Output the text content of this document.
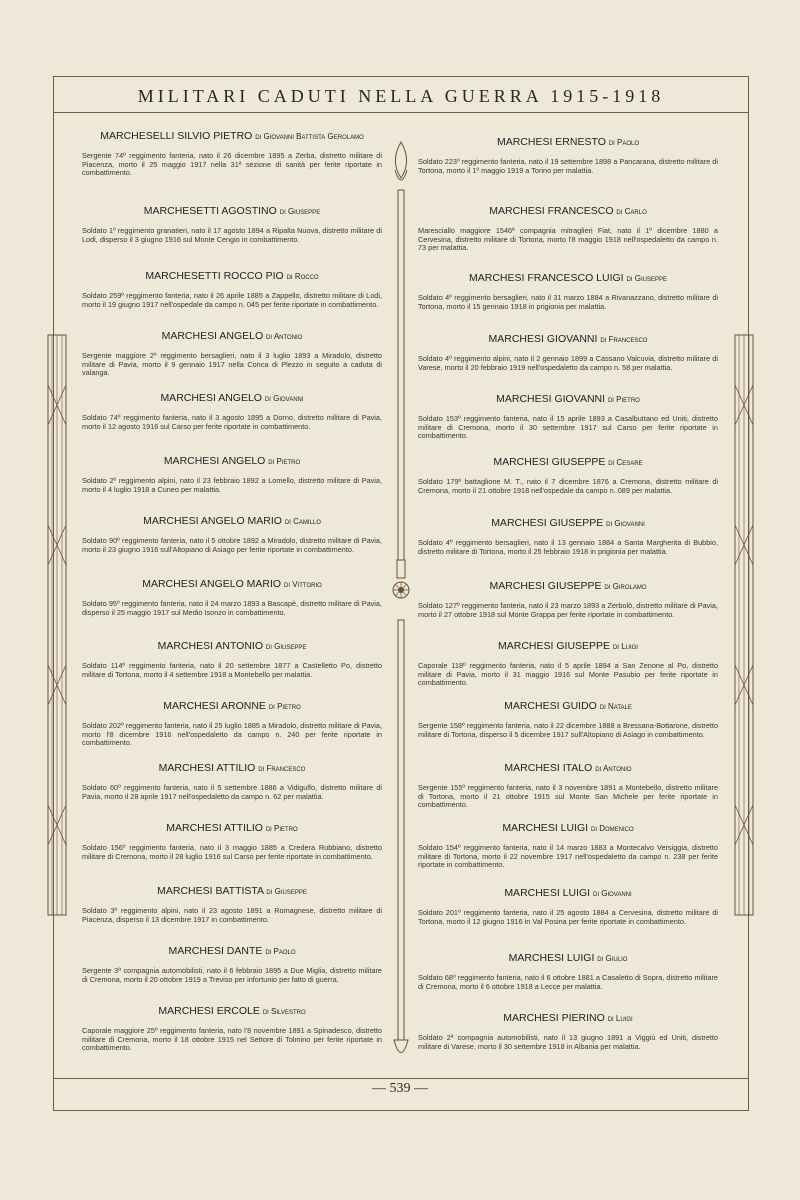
MILITARI CADUTI NELLA GUERRA 1915-1918
MARCHESELLI SILVIO PIETRO di Giovanni Battista Gerolamo
Sergente 74º reggimento fanteria, nato il 26 dicembre 1895 a Zerba, distretto militare di Piacenza, morto il 25 maggio 1917 nella 31ª sezione di sanità per ferite riportate in combattimento.
MARCHESETTI AGOSTINO di Giuseppe
Soldato 1º reggimento granatieri, nato il 17 agosto 1894 a Ripalta Nuova, distretto militare di Lodi, disperso il 3 giugno 1916 sul Monte Cengio in combattimento.
MARCHESETTI ROCCO PIO di Rocco
Soldato 259º reggimento fanteria, nato il 26 aprile 1885 a Zappello, distretto militare di Lodi, morto il 19 giugno 1917 nell'ospedale da campo n. 045 per ferite riportate in combattimento.
MARCHESI ANGELO di Antonio
Sergente maggiore 2º reggimento bersaglieri, nato il 3 luglio 1893 a Miradolo, distretto militare di Pavia, morto il 9 gennaio 1917 nella Conca di Plezzo in seguito a caduta di valanga.
MARCHESI ANGELO di Giovanni
Soldato 74º reggimento fanteria, nato il 3 agosto 1895 a Dorno, distretto militare di Pavia, morto il 12 agosto 1916 sul Carso per ferite riportate in combattimento.
MARCHESI ANGELO di Pietro
Soldato 2º reggimento alpini, nato il 23 febbraio 1892 a Lomello, distretto militare di Pavia, morto il 4 luglio 1918 a Cuneo per malattia.
MARCHESI ANGELO MARIO di Camillo
Soldato 90º reggimento fanteria, nato il 5 ottobre 1892 a Miradolo, distretto militare di Pavia, morto il 23 giugno 1916 sull'Altopiano di Asiago per ferite riportate in combattimento.
MARCHESI ANGELO MARIO di Vittorio
Soldato 95º reggimento fanteria, nato il 24 marzo 1893 a Bascapè, distretto militare di Pavia, disperso il 25 maggio 1917 sul Medio Isonzo in combattimento.
MARCHESI ANTONIO di Giuseppe
Soldato 114º reggimento fanteria, nato il 20 settembre 1877 a Castelletto Po, distretto militare di Tortona, morto il 4 settembre 1918 a Montebello per malattia.
MARCHESI ARONNE di Pietro
Soldato 202º reggimento fanteria, nato il 25 luglio 1885 a Miradolo, distretto militare di Pavia, morto l'8 dicembre 1916 nell'ospedaletto da campo n. 240 per ferite riportate in combattimento.
MARCHESI ATTILIO di Francesco
Soldato 60º reggimento fanteria, nato il 5 settembre 1886 a Vidigulfo, distretto militare di Pavia, morto il 28 aprile 1917 nell'ospedaletto da campo n. 62 per malattia.
MARCHESI ATTILIO di Pietro
Soldato 156º reggimento fanteria, nato il 3 maggio 1885 a Credera Rubbiano, distretto militare di Cremona, morto il 28 luglio 1916 sul Carso per ferite riportate in combattimento.
MARCHESI BATTISTA di Giuseppe
Soldato 3º reggimento alpini, nato il 23 agosto 1891 a Romagnese, distretto militare di Piacenza, disperso il 13 dicembre 1917 in combattimento.
MARCHESI DANTE di Paolo
Sergente 3ª compagnia automobilisti, nato il 6 febbraio 1895 a Due Miglia, distretto militare di Cremona, morto il 20 ottobre 1919 a Treviso per infortunio per fatto di guerra.
MARCHESI ERCOLE di Silvestro
Caporale maggiore 25º reggimento fanteria, nato l'8 novembre 1891 a Spinadesco, distretto militare di Cremona, morto il 18 ottobre 1915 nel Settore di Tolmino per ferite riportate in combattimento.
MARCHESI ERNESTO di Paolo
Soldato 223º reggimento fanteria, nato il 19 settembre 1898 a Pancarana, distretto militare di Tortona, morto il 1º maggio 1919 a Torino per malattia.
MARCHESI FRANCESCO di Carlo
Maresciallo maggiore 1546ª compagnia mitraglieri Fiat, nato il 1º dicembre 1880 a Cervesina, distretto militare di Tortona, morto l'8 maggio 1918 nell'ospedaletto da campo n. 73 per malattia.
MARCHESI FRANCESCO LUIGI di Giuseppe
Soldato 4º reggimento bersaglieri, nato il 31 marzo 1884 a Rivanazzano, distretto militare di Tortona, morto il 15 gennaio 1918 in prigionia per malattia.
MARCHESI GIOVANNI di Francesco
Soldato 4º reggimento alpini, nato il 2 gennaio 1899 a Cassano Valcuvia, distretto militare di Varese, morto il 20 febbraio 1919 nell'ospedaletto da campo n. 58 per malattia.
MARCHESI GIOVANNI di Pietro
Soldato 153º reggimento fanteria, nato il 15 aprile 1893 a Casalbuttano ed Uniti, distretto militare di Cremona, morto il 30 settembre 1917 sul Carso per ferite riportate in combattimento.
MARCHESI GIUSEPPE di Cesare
Soldato 179º battaglione M. T., nato il 7 dicembre 1876 a Cremona, distretto militare di Cremona, morto il 21 ottobre 1918 nell'ospedale da campo n. 089 per malattia.
MARCHESI GIUSEPPE di Giovanni
Soldato 4º reggimento bersaglieri, nato il 13 gennaio 1884 a Santa Margherita di Bubbio, distretto militare di Tortona, morto il 25 febbraio 1918 in prigionia per malattia.
MARCHESI GIUSEPPE di Girolamo
Soldato 127º reggimento fanteria, nato il 23 marzo 1893 a Zerbolò, distretto militare di Pavia, morto il 27 ottobre 1918 sul Monte Grappa per ferite riportate in combattimento.
MARCHESI GIUSEPPE di Luigi
Caporale 118º reggimento fanteria, nato il 5 aprile 1894 a San Zenone al Po, distretto militare di Pavia, morto il 31 maggio 1916 sul Monte Pasubio per ferite riportate in combattimento.
MARCHESI GUIDO di Natale
Sergente 158º reggimento fanteria, nato il 22 dicembre 1888 a Bressana-Bottarone, distretto militare di Tortona, disperso il 5 dicembre 1917 sull'Altopiano di Asiago in combattimento.
MARCHESI ITALO di Antonio
Sergente 155º reggimento fanteria, nato il 3 novembre 1891 a Montebello, distretto militare di Tortona, morto il 21 ottobre 1915 sul Monte San Michele per ferite riportate in combattimento.
MARCHESI LUIGI di Domenico
Soldato 154º reggimento fanteria, nato il 14 marzo 1883 a Montecalvo Versiggia, distretto militare di Tortona, morto il 22 novembre 1917 nell'ospedaletto da campo n. 238 per ferite riportate in combattimento.
MARCHESI LUIGI di Giovanni
Soldato 201º reggimento fanteria, nato il 25 agosto 1884 a Cervesina, distretto militare di Tortona, morto il 12 giugno 1916 in Val Posina per ferite riportate in combattimento.
MARCHESI LUIGI di Giulio
Soldato 68º reggimento fanteria, nato il 6 ottobre 1881 a Casaletto di Sopra, distretto militare di Cremona, morto il 6 ottobre 1918 a Lecce per malattia.
MARCHESI PIERINO di Luigi
Soldato 2ª compagnia automobilisti, nato il 13 giugno 1891 a Viggiù ed Uniti, distretto militare di Varese, morto il 30 settembre 1918 in Albania per malattia.
— 539 —
